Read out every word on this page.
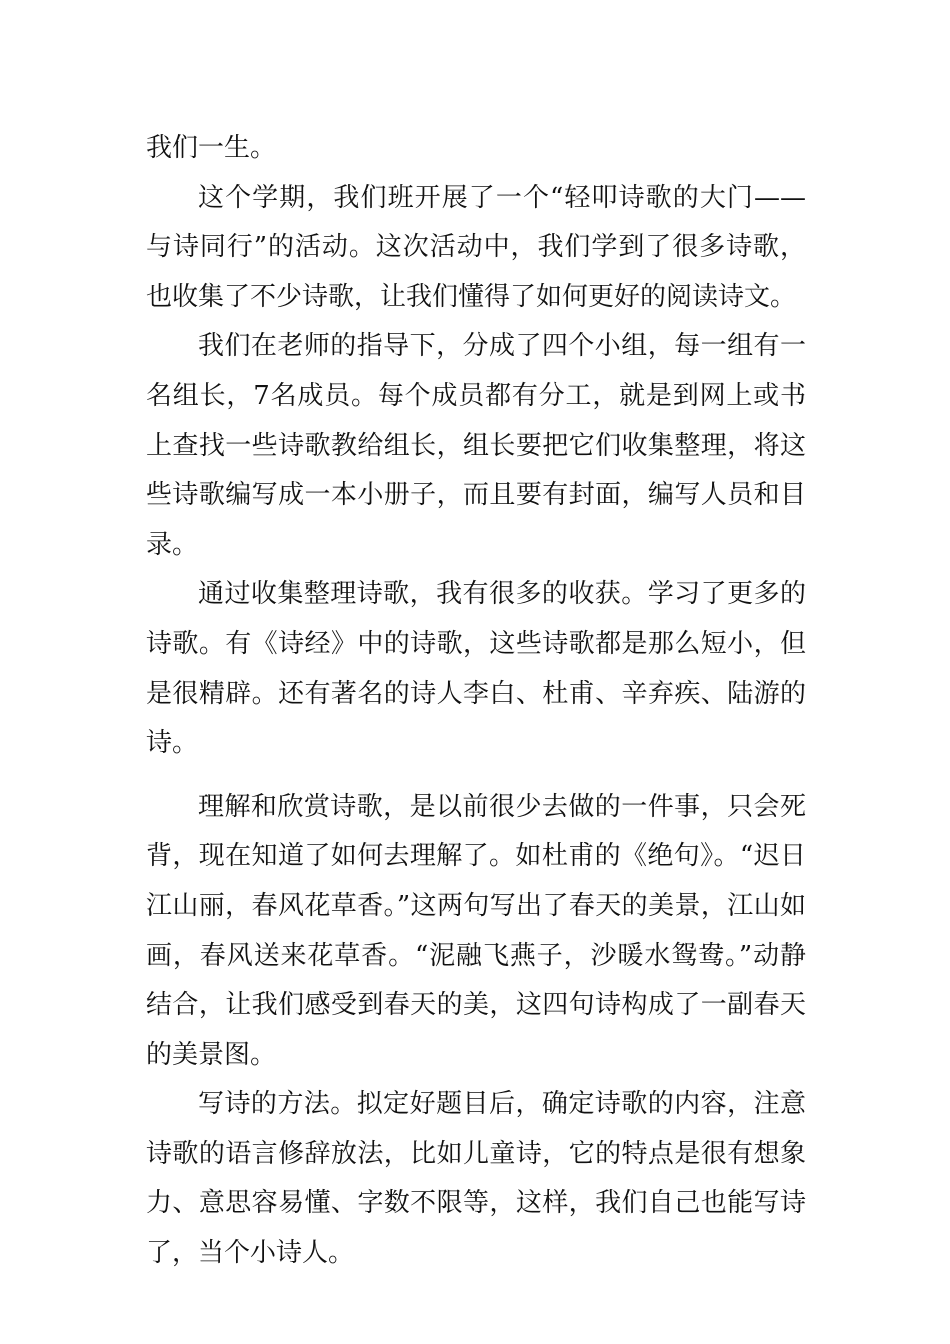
我们一生。

这个学期，我们班开展了一个“轻叩诗歌的大门——与诗同行”的活动。这次活动中，我们学到了很多诗歌，也收集了不少诗歌，让我们懂得了如何更好的阅读诗文。

我们在老师的指导下，分成了四个小组，每一组有一名组长，7名成员。每个成员都有分工，就是到网上或书上查找一些诗歌教给组长，组长要把它们收集整理，将这些诗歌编写成一本小册子，而且要有封面，编写人员和目录。

通过收集整理诗歌，我有很多的收获。学习了更多的诗歌。有《诗经》中的诗歌，这些诗歌都是那么短小，但是很精辟。还有著名的诗人李白、杜甫、辛弃疾、陆游的诗。

理解和欣赏诗歌，是以前很少去做的一件事，只会死背，现在知道了如何去理解了。如杜甫的《绝句》。“迟日江山丽，春风花草香。”这两句写出了春天的美景，江山如画，春风送来花草香。“泥融飞燕子，沙暖水鸳鸯。”动静结合，让我们感受到春天的美，这四句诗构成了一副春天的美景图。

写诗的方法。拟定好题目后，确定诗歌的内容，注意诗歌的语言修辞放法，比如儿童诗，它的特点是很有想象力、意思容易懂、字数不限等，这样，我们自己也能写诗了，当个小诗人。
